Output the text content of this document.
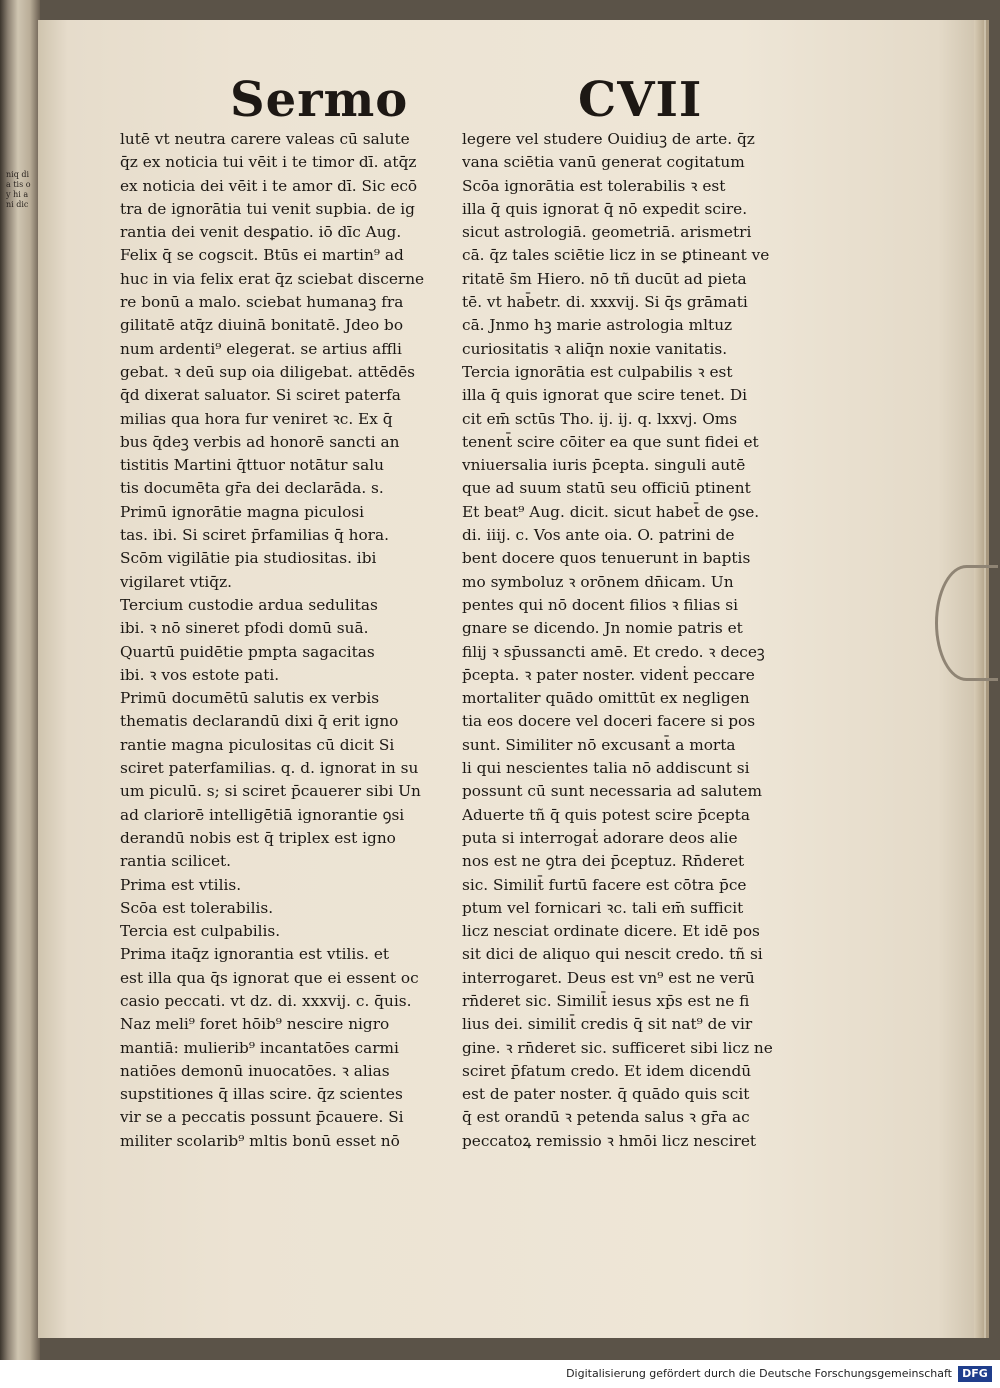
niq dia tis oy hi ani dic
Sermo	CVII
lutē vt neutra carere valeas cū salute
q̄z ex noticia tui vēit i te timor dī. atq̄z
ex noticia dei vēit i te amor dī. Sic ecō
tra de ignorātia tui venit supbia. de ig
rantia dei venit desꝑatio. iō dīc Aug.
Felix q̄ se cogscit. Btūs ei martin⁹ ad
huc in via felix erat q̄z sciebat discerne
re bonū a malo. sciebat humanaꝫ fra
gilitatē atq̄z diuinā bonitatē. Jdeo bo
num ardenti⁹ elegerat. se artius affli
gebat. ꝛ deū sup oia diligebat. attēdēs
q̄d dixerat saluator. Si sciret paterfa
milias qua hora fur veniret ꝛc. Ex q̄
bus q̄deꝫ verbis ad honorē sancti an
tistitis Martini q̄ttuor notātur salu
tis documēta gr̄a dei declarāda. s.
Primū ignorātie magna piculosi
tas. ibi. Si sciret p̄rfamilias q̄ hora.
Scōm vigilātie pia studiositas. ibi
vigilaret vtiq̄z.
Tercium custodie ardua sedulitas
ibi. ꝛ nō sineret pfodi domū suā.
Quartū puidētie pmpta sagacitas
ibi. ꝛ vos estote pati.
Primū documētū salutis ex verbis
thematis declarandū dixi q̄ erit igno
rantie magna piculositas cū dicit Si
sciret paterfamilias. q. d. ignorat in su
um piculū. s; si sciret p̄cauerer sibi Un
ad clariorē intelligētiā ignorantie ꝯsi
derandū nobis est q̄ triplex est igno
rantia scilicet.
Prima est vtilis.
Scōa est tolerabilis.
Tercia est culpabilis.
Prima itaq̄z ignorantia est vtilis. et
est illa qua q̄s ignorat que ei essent oc
casio peccati. vt dz. di. xxxvij. c. q̄uis.
Naz meli⁹ foret hōib⁹ nescire nigro
mantiā: mulierib⁹ incantatōes carmi
natiōes demonū inuocatōes. ꝛ alias
supstitiones q̄̄ illas scire. q̄z scientes
vir se a peccatis possunt p̄cauere. Si
militer scolarib⁹ mltis bonū esset nō
legere vel studere Ouidiuꝫ de arte. q̄z
vana sciētia vanū generat cogitatum
Scōa ignorātia est tolerabilis ꝛ est
illa q̄ quis ignorat q̄ nō expedit scire.
sicut astrologiā. geometriā. arismetri
cā. q̄z tales sciētie licz in se ꝑtineant ve
ritatē s̄m Hiero. nō tñ ducūt ad pieta
tē. vt hab̄etr. di. xxxvij. Si q̄s grāmati
cā. Jnmo hꝫ marie astrologia mltuz
curiositatis ꝛ aliq̄n noxie vanitatis.
Tercia ignorātia est culpabilis ꝛ est
illa q̄ quis ignorat que scire tenet. Di
cit em̄ sctūs Tho. ij. ij. q. lxxvj. Oms
tenent̄ scire cōiter ea que sunt fidei et
vniuersalia iuris p̄cepta. singuli autē
que ad suum statū seu officiū ptinent
Et beat⁹ Aug. dicit. sicut habet̄ de ꝯse.
di. iiij. c. Vos ante oia. O. patrini de
bent docere quos tenuerunt in baptis
mo symboluz ꝛ orōnem dn̄icam. Un
pentes qui nō docent filios ꝛ filias si
gnare se dicendo. Jn nomie patris et
filij ꝛ sp̄ussancti amē. Et credo. ꝛ deceꝫ
p̄cepta. ꝛ pater noster. videnṫ peccare
mortaliter quādo omittūt ex negligen
tia eos docere vel doceri facere si pos
sunt. Similiter nō excusant̄ a morta
li qui nescientes talia nō addiscunt si
possunt cū sunt necessaria ad salutem
Aduerte tñ q̄ quis potest scire p̄cepta
puta si interrogaṫ adorare deos alie
nos est ne ꝯtra dei p̄ceptuz. Rn̄deret
sic. Similit̄ furtū facere est cōtra p̄ce
ptum vel fornicari ꝛc. tali em̄ sufficit
licz nesciat ordinate dicere. Et idē pos
sit dici de aliquo qui nescit credo. tñ si
interrogaret. Deus est vn⁹ est ne verū
rn̄deret sic. Similit̄ iesus xp̄s est ne fi
lius dei. similit̄ credis q̄ sit nat⁹ de vir
gine. ꝛ rn̄deret sic. sufficeret sibi licz ne
sciret p̄fatum credo. Et idem dicendū
est de pater noster. q̄ quādo quis scit
q̄ est orandū ꝛ petenda salus ꝛ gr̄a ac
peccatoꝝ remissio ꝛ hmōi licz nesciret
Digitalisierung gefördert durch die Deutsche Forschungsgemeinschaft DFG
